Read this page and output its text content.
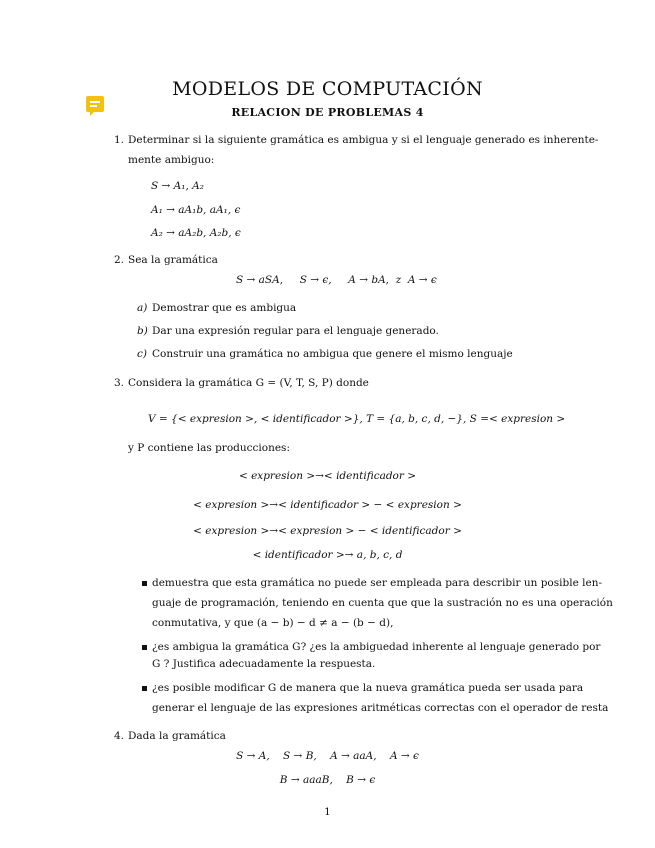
MODELOS DE COMPUTACIÓN
RELACION DE PROBLEMAS 4
1. Determinar si la siguiente gramática es ambigua y si el lenguaje generado es inherente-
mente ambiguo:
S → A₁, A₂
A₁ → aA₁b, aA₁, ϵ
A₂ → aA₂b, A₂b, ϵ
2. Sea la gramática
S → aSA,     S → ϵ,     A → bA,  z  A → ϵ
a) Demostrar que es ambigua
b) Dar una expresión regular para el lenguaje generado.
c) Construir una gramática no ambigua que genere el mismo lenguaje
3. Considera la gramática G = (V, T, S, P) donde
V = {< expresion >, < identificador >}, T = {a, b, c, d, −}, S =< expresion >
y P contiene las producciones:
< expresion >→< identificador >
< expresion >→< identificador > − < expresion >
< expresion >→< expresion > − < identificador >
< identificador >→ a, b, c, d
demuestra que esta gramática no puede ser empleada para describir un posible len-
guaje de programación, teniendo en cuenta que que la sustración no es una operación
conmutativa, y que (a − b) − d ≠ a − (b − d),
¿es ambigua la gramática G? ¿es la ambiguedad inherente al lenguaje generado por
G ? Justifica adecuadamente la respuesta.
¿es posible modificar G de manera que la nueva gramática pueda ser usada para
generar el lenguaje de las expresiones aritméticas correctas con el operador de resta
4. Dada la gramática
S → A,    S → B,    A → aaA,    A → ϵ
B → aaaB,    B → ϵ
1
